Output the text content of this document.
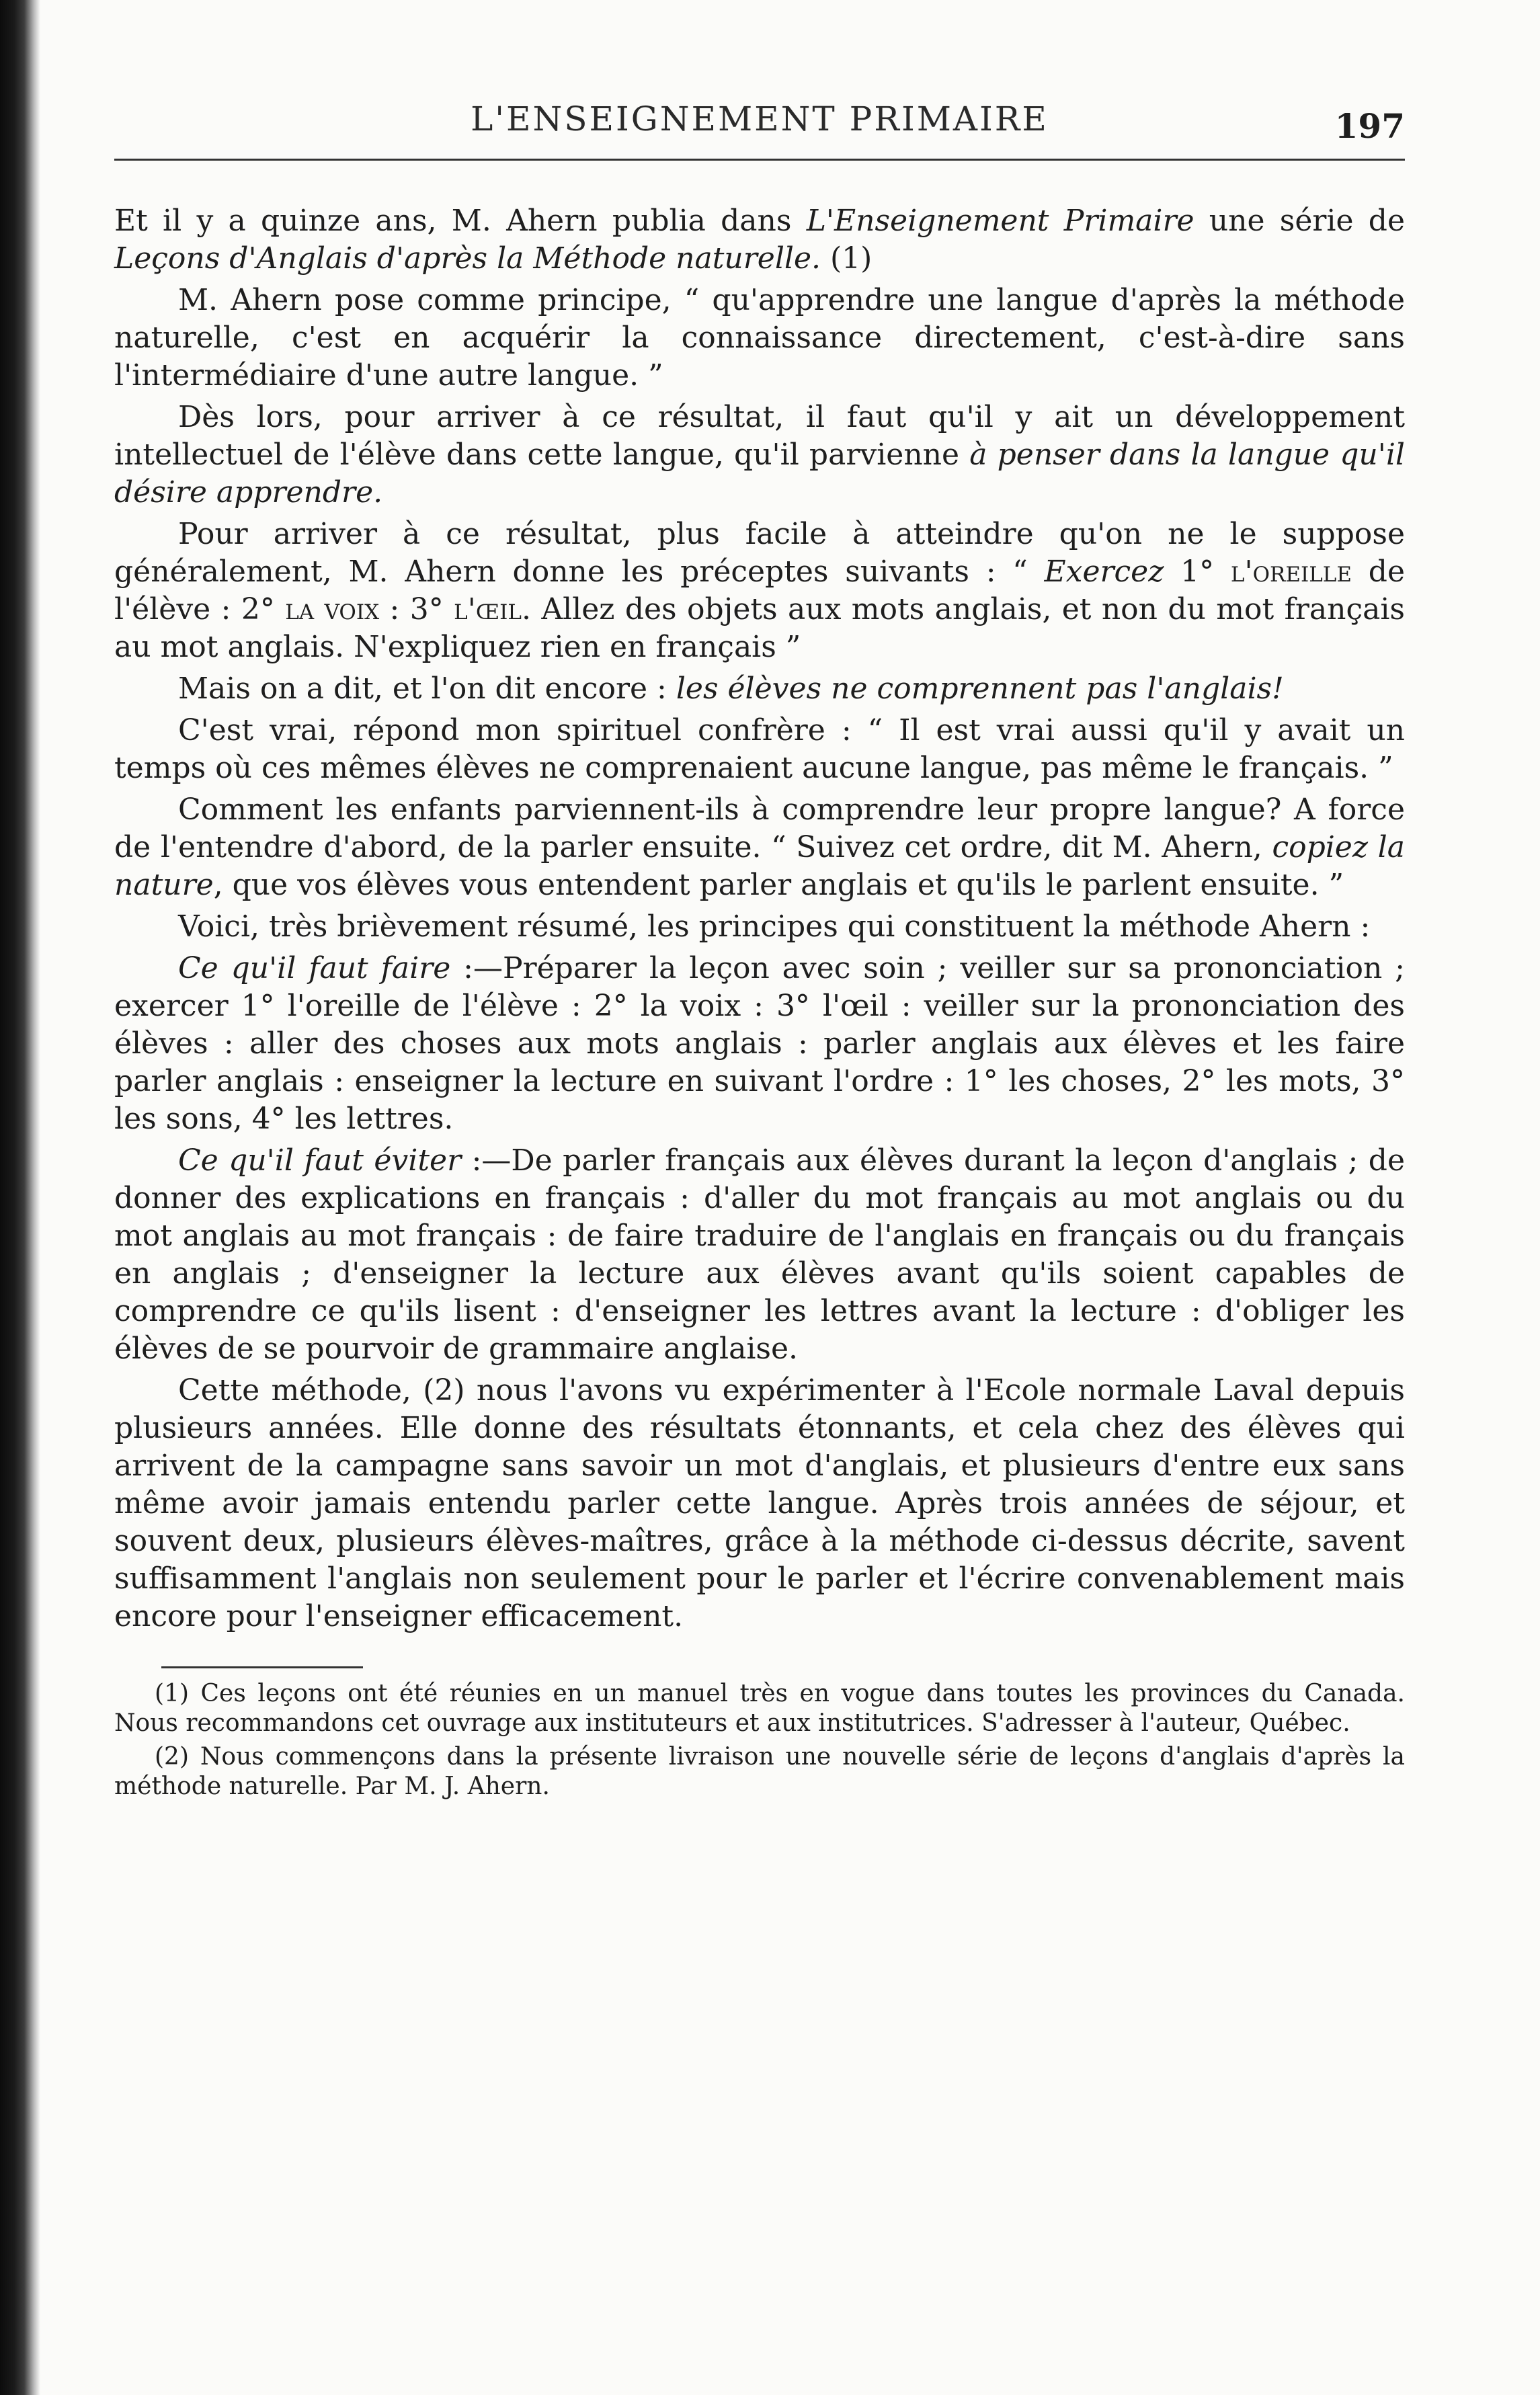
L'ENSEIGNEMENT PRIMAIRE	197

Et il y a quinze ans, M. Ahern publia dans L'Enseignement Primaire une série de Leçons d'Anglais d'après la Méthode naturelle. (1)

M. Ahern pose comme principe, “ qu'apprendre une langue d'après la méthode naturelle, c'est en acquérir la connaissance directement, c'est-à-dire sans l'intermédiaire d'une autre langue. ”

Dès lors, pour arriver à ce résultat, il faut qu'il y ait un développement intellectuel de l'élève dans cette langue, qu'il parvienne à penser dans la langue qu'il désire apprendre.

Pour arriver à ce résultat, plus facile à atteindre qu'on ne le suppose généralement, M. Ahern donne les préceptes suivants : “ Exercez 1° l'oreille de l'élève : 2° la voix : 3° l'œil. Allez des objets aux mots anglais, et non du mot français au mot anglais. N'expliquez rien en français ”

Mais on a dit, et l'on dit encore : les élèves ne comprennent pas l'anglais!

C'est vrai, répond mon spirituel confrère : “ Il est vrai aussi qu'il y avait un temps où ces mêmes élèves ne comprenaient aucune langue, pas même le français. ”

Comment les enfants parviennent-ils à comprendre leur propre langue? A force de l'entendre d'abord, de la parler ensuite. “ Suivez cet ordre, dit M. Ahern, copiez la nature, que vos élèves vous entendent parler anglais et qu'ils le parlent ensuite. ”

Voici, très brièvement résumé, les principes qui constituent la méthode Ahern :

Ce qu'il faut faire :—Préparer la leçon avec soin ; veiller sur sa prononciation ; exercer 1° l'oreille de l'élève : 2° la voix : 3° l'œil : veiller sur la prononciation des élèves : aller des choses aux mots anglais : parler anglais aux élèves et les faire parler anglais : enseigner la lecture en suivant l'ordre : 1° les choses, 2° les mots, 3° les sons, 4° les lettres.

Ce qu'il faut éviter :—De parler français aux élèves durant la leçon d'anglais ; de donner des explications en français : d'aller du mot français au mot anglais ou du mot anglais au mot français : de faire traduire de l'anglais en français ou du français en anglais ; d'enseigner la lecture aux élèves avant qu'ils soient capables de comprendre ce qu'ils lisent : d'enseigner les lettres avant la lecture : d'obliger les élèves de se pourvoir de grammaire anglaise.

Cette méthode, (2) nous l'avons vu expérimenter à l'Ecole normale Laval depuis plusieurs années. Elle donne des résultats étonnants, et cela chez des élèves qui arrivent de la campagne sans savoir un mot d'anglais, et plusieurs d'entre eux sans même avoir jamais entendu parler cette langue. Après trois années de séjour, et souvent deux, plusieurs élèves-maîtres, grâce à la méthode ci-dessus décrite, savent suffisamment l'anglais non seulement pour le parler et l'écrire convenablement mais encore pour l'enseigner efficacement.

(1) Ces leçons ont été réunies en un manuel très en vogue dans toutes les provinces du Canada. Nous recommandons cet ouvrage aux instituteurs et aux institutrices. S'adresser à l'auteur, Québec.
(2) Nous commençons dans la présente livraison une nouvelle série de leçons d'anglais d'après la méthode naturelle. Par M. J. Ahern.
